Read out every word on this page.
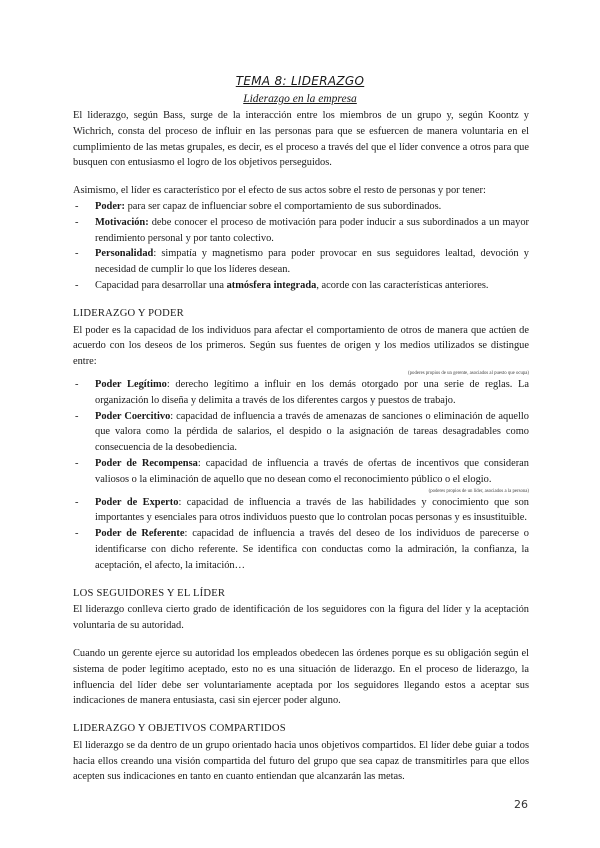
TEMA 8: LIDERAZGO
Liderazgo en la empresa

El liderazgo, según Bass, surge de la interacción entre los miembros de un grupo y, según Koontz y Wichrich, consta del proceso de influir en las personas para que se esfuercen de manera voluntaria en el cumplimiento de las metas grupales, es decir, es el proceso a través del que el líder convence a otros para que busquen con entusiasmo el logro de los objetivos perseguidos.

Asimismo, el líder es característico por el efecto de sus actos sobre el resto de personas y por tener:

- Poder: para ser capaz de influenciar sobre el comportamiento de sus subordinados.
- Motivación: debe conocer el proceso de motivación para poder inducir a sus subordinados a un mayor rendimiento personal y por tanto colectivo.
- Personalidad: simpatía y magnetismo para poder provocar en sus seguidores lealtad, devoción y necesidad de cumplir lo que los líderes desean.
- Capacidad para desarrollar una atmósfera integrada, acorde con las características anteriores.
LIDERAZGO Y PODER

El poder es la capacidad de los individuos para afectar el comportamiento de otros de manera que actúen de acuerdo con los deseos de los primeros. Según sus fuentes de origen y los medios utilizados se distingue entre:

(poderes propios de un gerente, asociados al puesto que ocupa)

- Poder Legítimo: derecho legítimo a influir en los demás otorgado por una serie de reglas. La organización lo diseña y delimita a través de los diferentes cargos y puestos de trabajo.
- Poder Coercitivo: capacidad de influencia a través de amenazas de sanciones o eliminación de aquello que valora como la pérdida de salarios, el despido o la asignación de tareas desagradables como consecuencia de la desobediencia.
- Poder de Recompensa: capacidad de influencia a través de ofertas de incentivos que consideran valiosos o la eliminación de aquello que no desean como el reconocimiento público o el elogio.

(poderes propios de un líder, asociados a la persona)

- Poder de Experto: capacidad de influencia a través de las habilidades y conocimiento que son importantes y esenciales para otros individuos puesto que lo controlan pocas personas y es insustituible.
- Poder de Referente: capacidad de influencia a través del deseo de los individuos de parecerse o identificarse con dicho referente. Se identifica con conductas como la admiración, la confianza, la aceptación, el afecto, la imitación…
LOS SEGUIDORES Y EL LÍDER

El liderazgo conlleva cierto grado de identificación de los seguidores con la figura del líder y la aceptación voluntaria de su autoridad.

Cuando un gerente ejerce su autoridad los empleados obedecen las órdenes porque es su obligación según el sistema de poder legítimo aceptado, esto no es una situación de liderazgo. En el proceso de liderazgo, la influencia del líder debe ser voluntariamente aceptada por los seguidores llegando estos a aceptar sus indicaciones de manera entusiasta, casi sin ejercer poder alguno.

LIDERAZGO Y OBJETIVOS COMPARTIDOS

El liderazgo se da dentro de un grupo orientado hacia unos objetivos compartidos. El líder debe guiar a todos hacia ellos creando una visión compartida del futuro del grupo que sea capaz de transmitirles para que ellos acepten sus indicaciones en tanto en cuanto entiendan que alcanzarán las metas.

26
